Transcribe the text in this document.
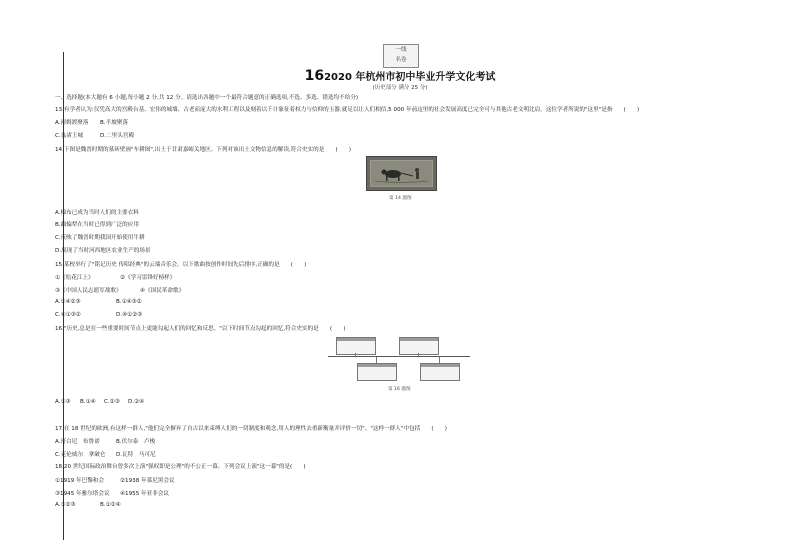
一线
名卷
162020 年杭州市初中毕业升学文化考试
(历史部分 满分 25 分)
一、选择题(本大题有 6 小题,每小题 2 分,共 12 分。请选出各题中一个最符合题意的正确选项,不选、多选、错选均不给分)
13.有学者认为:仅凭高大的宫殿台基、宏伟的城墙、古老而庞大的水利工程以及刻着以千计象征着权力与信仰的玉器,就足以让人们相信,5 000 年前这里的社会发展高度已完全可与其他古老文明比肩。这位学者所说的"这里"是指　　(　　)
A.河姆渡聚落 B.半坡聚落
C.良渚王城	D.二里头宫殿
14.下图是魏晋时期的墓砖壁画"车耕图",出土于甘肃嘉峪关地区。下列对该出土文物信息的解读,符合史实的是　　(　　)
第 14 题图
A.棉布已成为当时人们的主要衣料
B.曲辕犁在当时已得到广泛的应用
C.反映了魏晋时期我国开始使用牛耕
D.展现了当时河西地区农业生产的场景
15.某校举行了"铭记历史 传唱经典"的云端音乐会。以下歌曲按创作时间先后排序,正确的是　　(　　)
①《松花江上》	②《学习雷锋好榜样》
③《中国人民志愿军战歌》	④《国民革命歌》
A.①④②③	B.①④③②
C.④①③②	D.④①②③
16."历史,总是在一些重要时间节点上更能勾起人们的回忆和反思。"以下时间节点勾起的回忆,符合史实的是　　(　　)
第 16 题图
A.①③ B.①④ C.②③ D.②④
17.在 18 世纪的欧洲,有这样一群人,"他们完全摒弃了自古以来束缚人们的一切制度和观念,用人的理性去重新衡量并评价一切"。"这样一群人"中包括　　(　　)
A.哥白尼　布鲁诺	B.伏尔泰　卢梭
C.克伦威尔　拿破仑 D.瓦特　马可尼
18.20 世纪国际政治舞台曾多次上演"强权即是公理"的不公正一幕。下列会议上演"这一幕"的是(　　)
①1919 年巴黎和会	②1938 年慕尼黑会议
③1945 年雅尔塔会议 ④1955 年亚非会议
A.①②③	B.①②④
